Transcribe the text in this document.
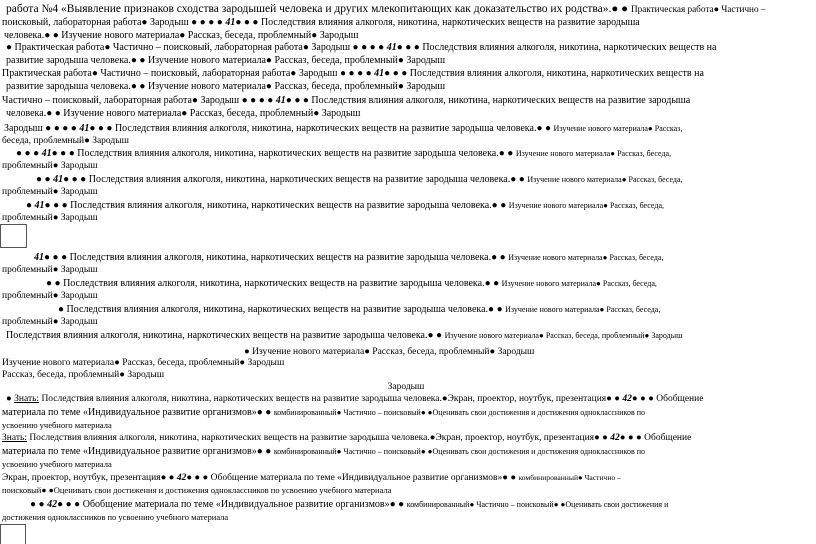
работа №4 «Выявление признаков сходства зародышей человека и других млекопитающих как доказательство их родства».● ● Практическая работа● Частично –
поисковый, лабораторная работа● Зародыш ● ● ● ● 41● ● ● Последствия влияния алкоголя, никотина, наркотических веществ на развитие зародыша
человека.● ● Изучение нового материала● Рассказ, беседа, проблемный● Зародыш
● Практическая работа● Частично – поисковый, лабораторная работа● Зародыш ● ● ● ● 41● ● ● Последствия влияния алкоголя, никотина, наркотических веществ на
развитие зародыша человека.● ● Изучение нового материала● Рассказ, беседа, проблемный● Зародыш
Практическая работа● Частично – поисковый, лабораторная работа● Зародыш ● ● ● ● 41● ● ● Последствия влияния алкоголя, никотина, наркотических веществ на
развитие зародыша человека.● ● Изучение нового материала● Рассказ, беседа, проблемный● Зародыш
Частично – поисковый, лабораторная работа● Зародыш ● ● ● ● 41● ● ● Последствия влияния алкоголя, никотина, наркотических веществ на развитие зародыша
человека.● ● Изучение нового материала● Рассказ, беседа, проблемный● Зародыш
Зародыш ● ● ● ● 41● ● ● Последствия влияния алкоголя, никотина, наркотических веществ на развитие зародыша человека.● ● Изучение нового материала● Рассказ,
беседа, проблемный● Зародыш
● ● ● 41● ● ● Последствия влияния алкоголя, никотина, наркотических веществ на развитие зародыша человека.● ● Изучение нового материала● Рассказ, беседа,
проблемный● Зародыш
● ● 41● ● ● Последствия влияния алкоголя, никотина, наркотических веществ на развитие зародыша человека.● ● Изучение нового материала● Рассказ, беседа,
проблемный● Зародыш
● 41● ● ● Последствия влияния алкоголя, никотина, наркотических веществ на развитие зародыша человека.● ● Изучение нового материала● Рассказ, беседа,
проблемный● Зародыш
41● ● ● Последствия влияния алкоголя, никотина, наркотических веществ на развитие зародыша человека.● ● Изучение нового материала● Рассказ, беседа,
проблемный● Зародыш
● ● Последствия влияния алкоголя, никотина, наркотических веществ на развитие зародыша человека.● ● Изучение нового материала● Рассказ, беседа,
проблемный● Зародыш
● Последствия влияния алкоголя, никотина, наркотических веществ на развитие зародыша человека.● ● Изучение нового материала● Рассказ, беседа,
проблемный● Зародыш
Последствия влияния алкоголя, никотина, наркотических веществ на развитие зародыша человека.● ● Изучение нового материала● Рассказ, беседа, проблемный● Зародыш
● Изучение нового материала● Рассказ, беседа, проблемный● Зародыш
Изучение нового материала● Рассказ, беседа, проблемный● Зародыш
Рассказ, беседа, проблемный● Зародыш
Зародыш
● Знать: Последствия влияния алкоголя, никотина, наркотических веществ на развитие зародыша человека.●Экран, проектор, ноутбук, презентация● ● 42● ● ● Обобщение
материала по теме «Индивидуальное развитие организмов»● ● комбинированный● Частично – поисковый● ●Оценивать свои достижения и достижения одноклассников по
усвоению учебного материала
Знать: Последствия влияния алкоголя, никотина, наркотических веществ на развитие зародыша человека.●Экран, проектор, ноутбук, презентация● ● 42● ● ● Обобщение
материала по теме «Индивидуальное развитие организмов»● ● комбинированный● Частично – поисковый● ●Оценивать свои достижения и достижения одноклассников по
усвоению учебного материала
Экран, проектор, ноутбук, презентация● ● 42● ● ● Обобщение материала по теме «Индивидуальное развитие организмов»● ● комбинированный● Частично –
поисковый● ●Оценивать свои достижения и достижения одноклассников по усвоению учебного материала
● ● 42● ● ● Обобщение материала по теме «Индивидуальное развитие организмов»● ● комбинированный● Частично – поисковый● ●Оценивать свои достижения и
достижения одноклассников по усвоению учебного материала
